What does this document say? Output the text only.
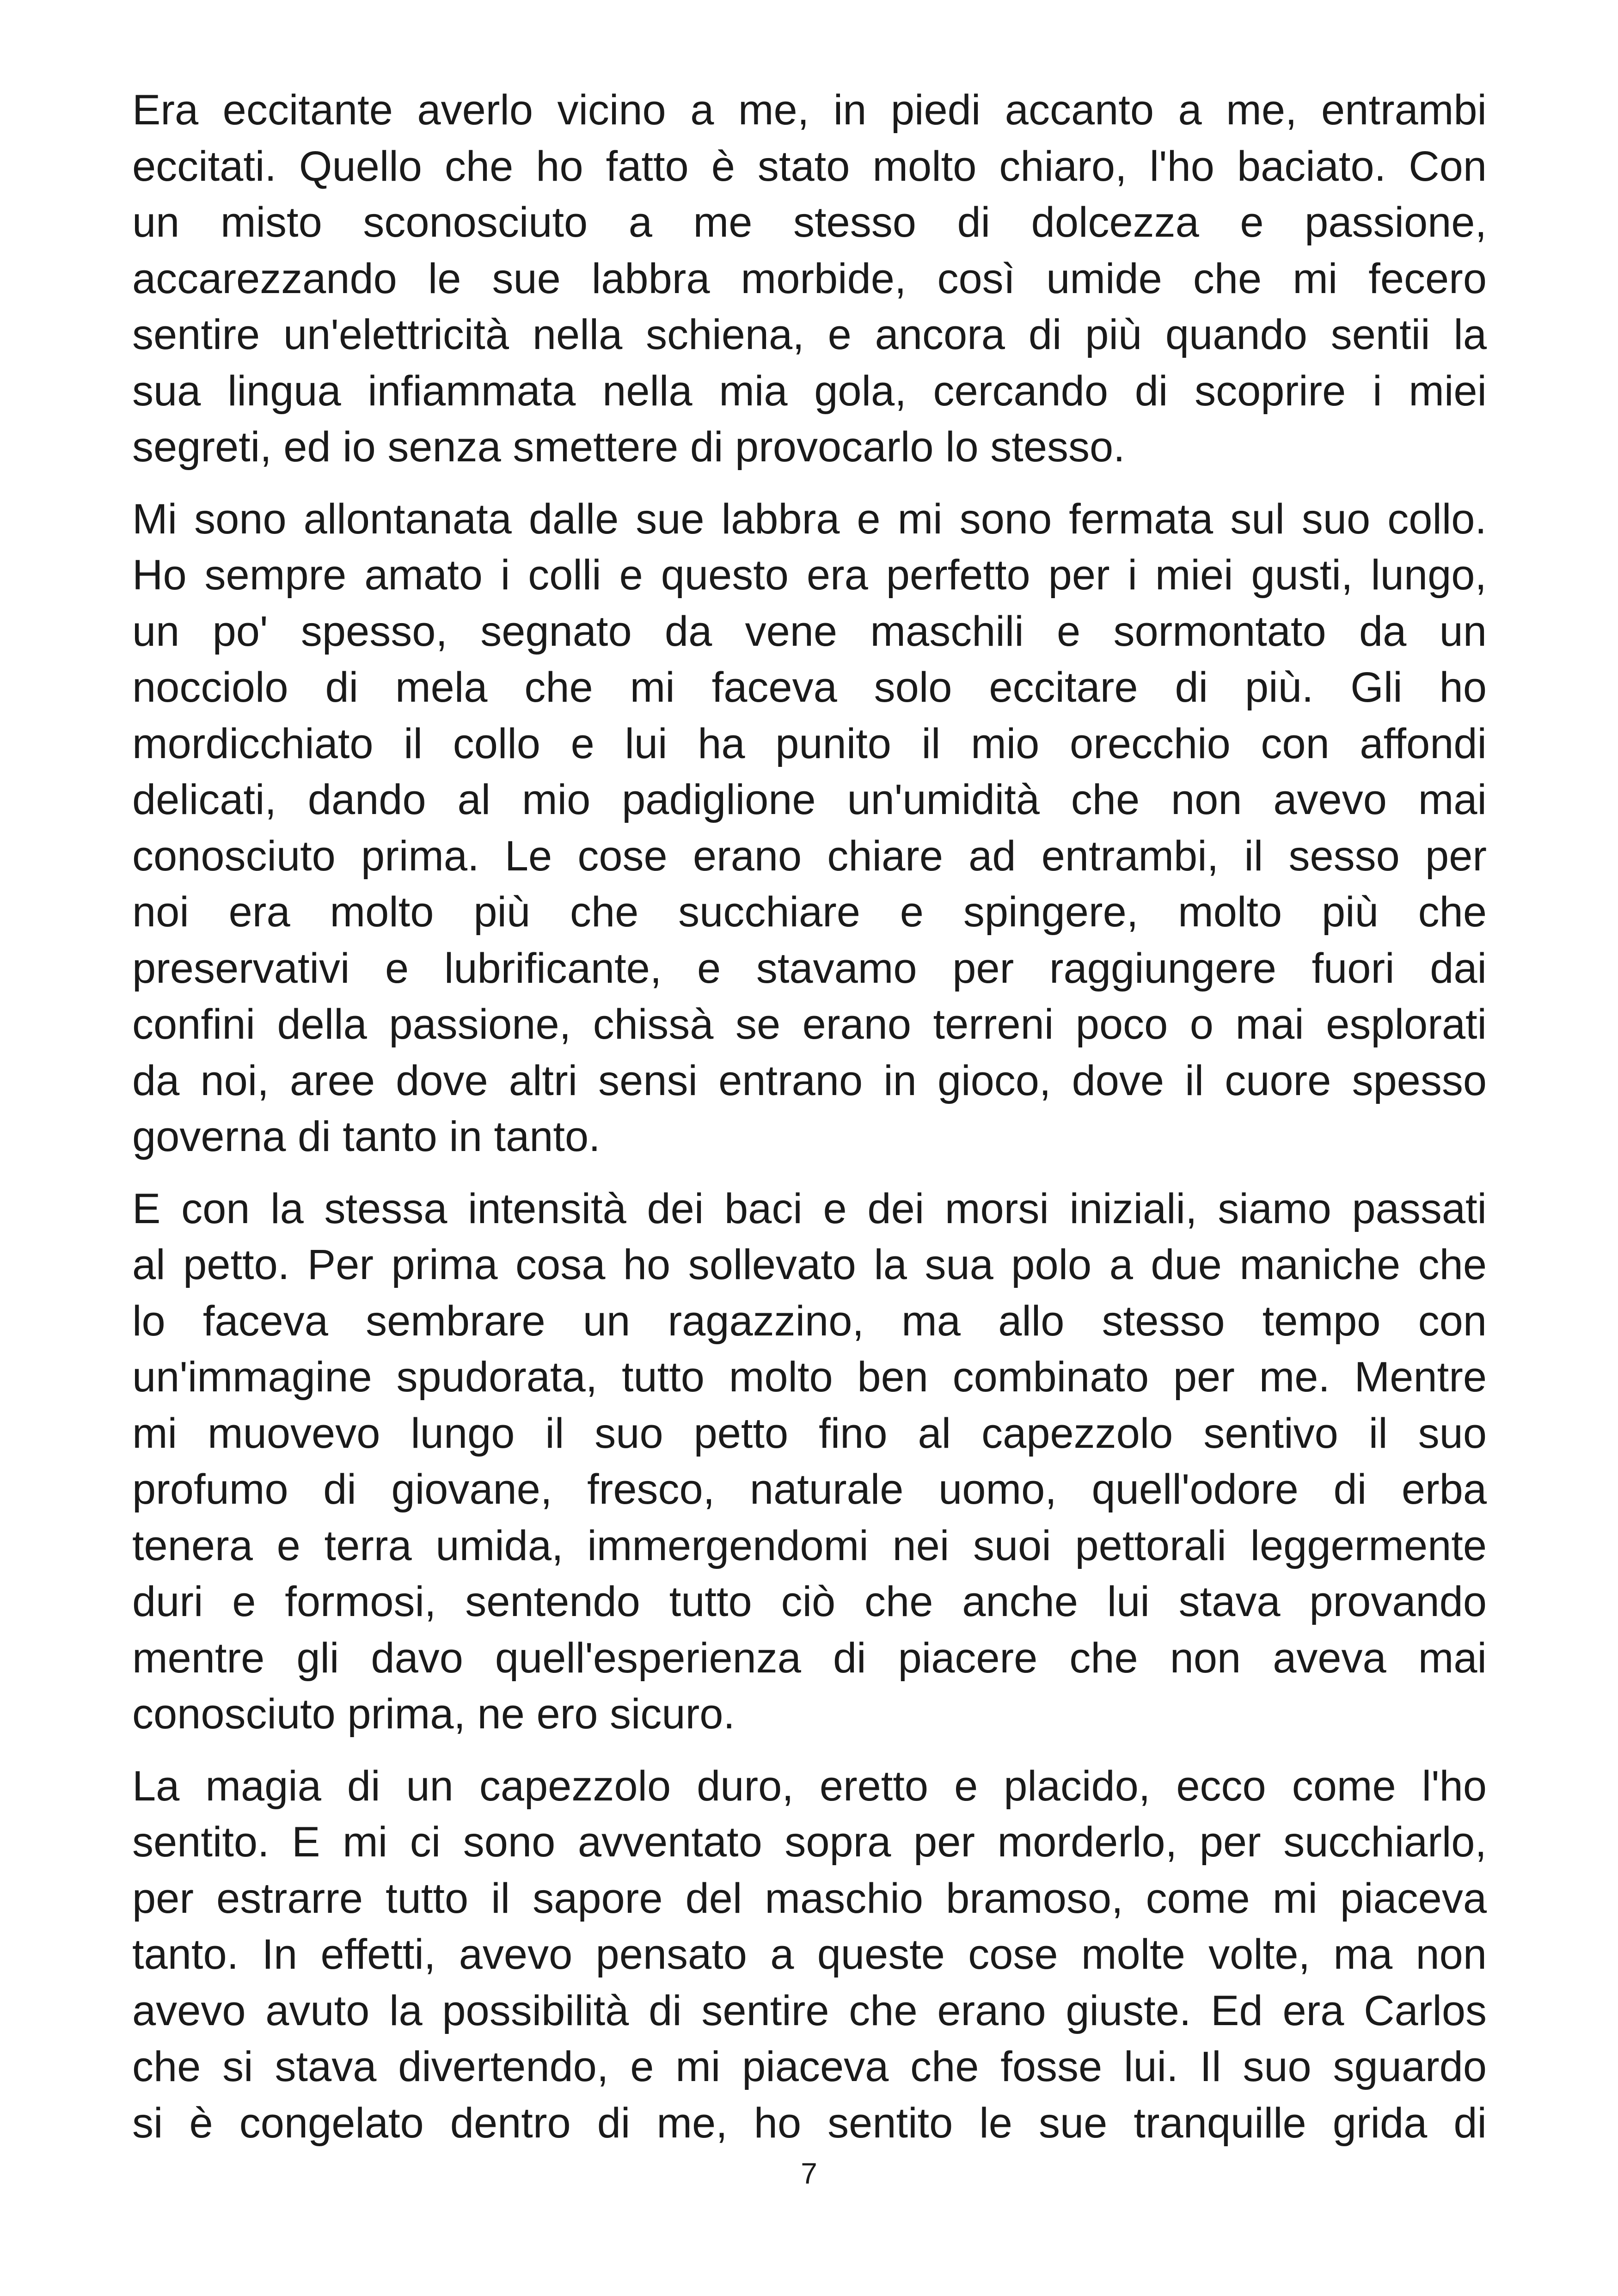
Era eccitante averlo vicino a me, in piedi accanto a me, entrambi
eccitati. Quello che ho fatto è stato molto chiaro, l'ho baciato. Con
un misto sconosciuto a me stesso di dolcezza e passione,
accarezzando le sue labbra morbide, così umide che mi fecero
sentire un'elettricità nella schiena, e ancora di più quando sentii la
sua lingua infiammata nella mia gola, cercando di scoprire i miei
segreti, ed io senza smettere di provocarlo lo stesso.
Mi sono allontanata dalle sue labbra e mi sono fermata sul suo collo.
Ho sempre amato i colli e questo era perfetto per i miei gusti, lungo,
un po' spesso, segnato da vene maschili e sormontato da un
nocciolo di mela che mi faceva solo eccitare di più. Gli ho
mordicchiato il collo e lui ha punito il mio orecchio con affondi
delicati, dando al mio padiglione un'umidità che non avevo mai
conosciuto prima. Le cose erano chiare ad entrambi, il sesso per
noi era molto più che succhiare e spingere, molto più che
preservativi e lubrificante, e stavamo per raggiungere fuori dai
confini della passione, chissà se erano terreni poco o mai esplorati
da noi, aree dove altri sensi entrano in gioco, dove il cuore spesso
governa di tanto in tanto.
E con la stessa intensità dei baci e dei morsi iniziali, siamo passati
al petto. Per prima cosa ho sollevato la sua polo a due maniche che
lo faceva sembrare un ragazzino, ma allo stesso tempo con
un'immagine spudorata, tutto molto ben combinato per me. Mentre
mi muovevo lungo il suo petto fino al capezzolo sentivo il suo
profumo di giovane, fresco, naturale uomo, quell'odore di erba
tenera e terra umida, immergendomi nei suoi pettorali leggermente
duri e formosi, sentendo tutto ciò che anche lui stava provando
mentre gli davo quell'esperienza di piacere che non aveva mai
conosciuto prima, ne ero sicuro.
La magia di un capezzolo duro, eretto e placido, ecco come l'ho
sentito. E mi ci sono avventato sopra per morderlo, per succhiarlo,
per estrarre tutto il sapore del maschio bramoso, come mi piaceva
tanto. In effetti, avevo pensato a queste cose molte volte, ma non
avevo avuto la possibilità di sentire che erano giuste. Ed era Carlos
che si stava divertendo, e mi piaceva che fosse lui. Il suo sguardo
si è congelato dentro di me, ho sentito le sue tranquille grida di
7
